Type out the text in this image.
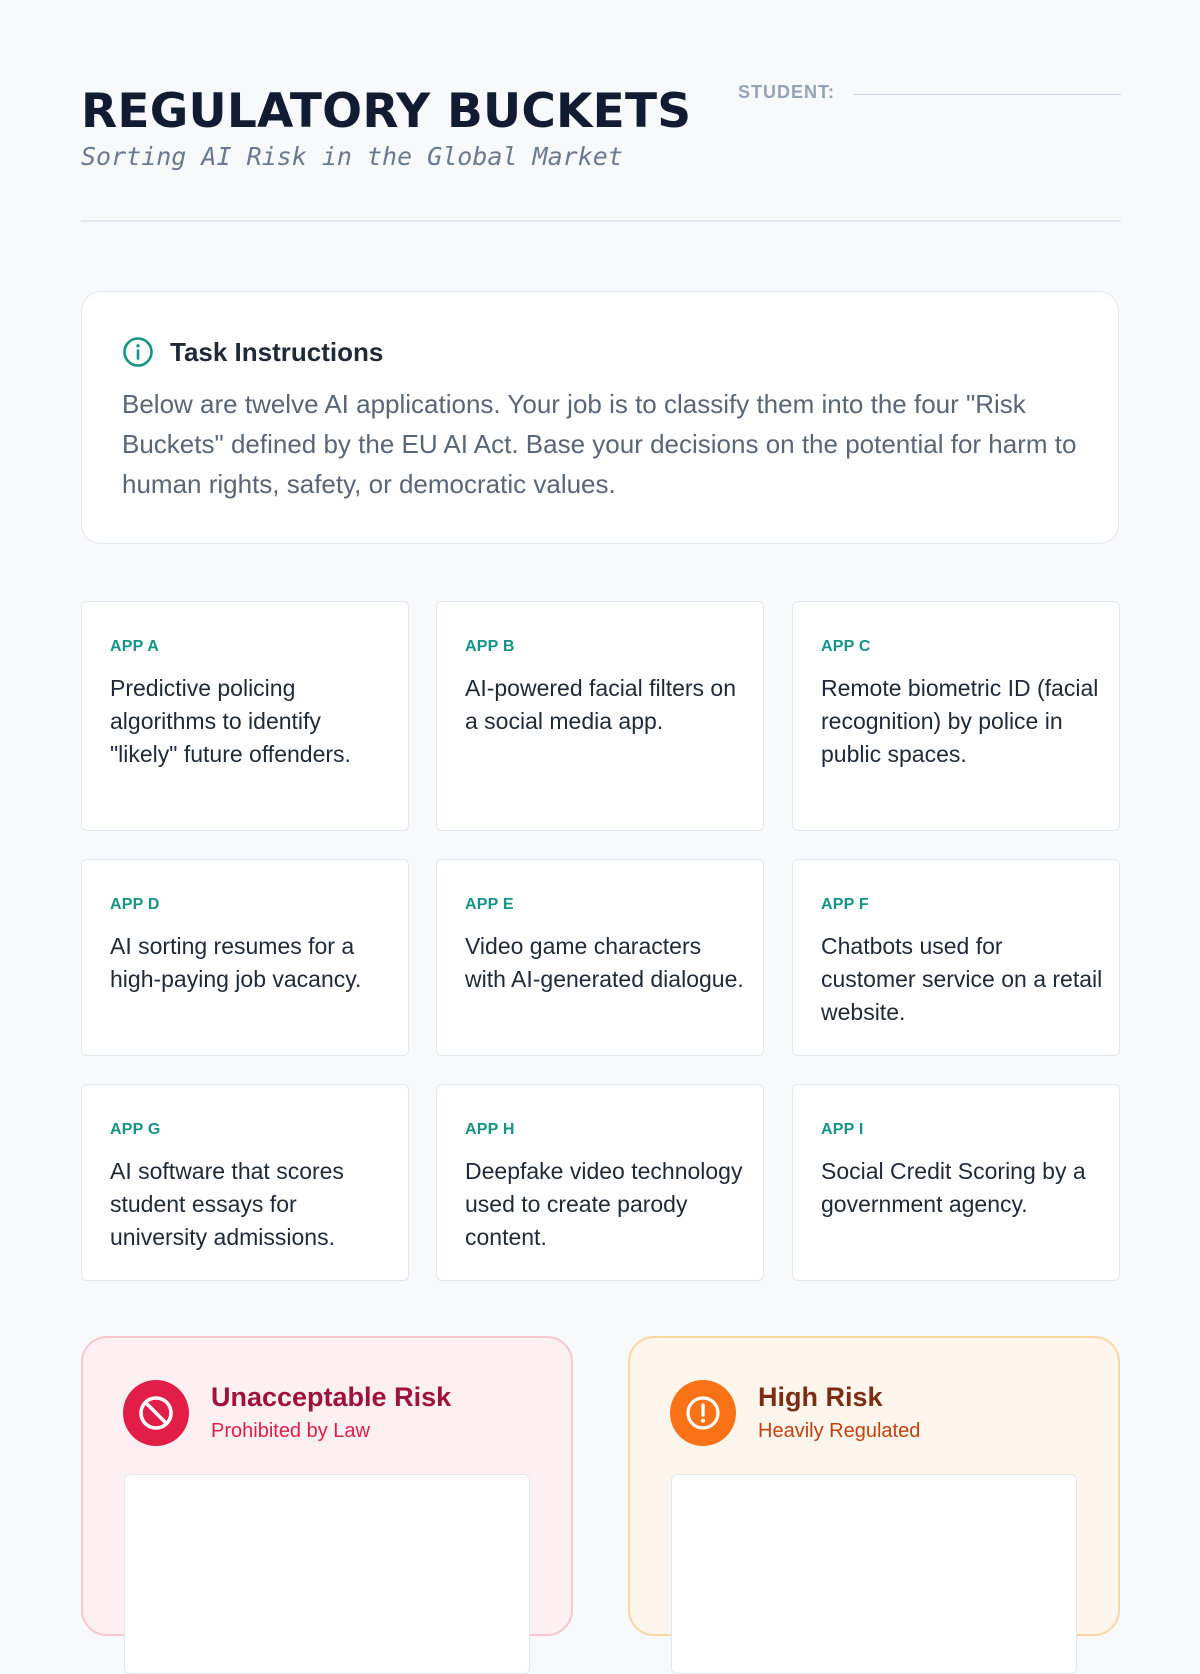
REGULATORY BUCKETS

Sorting AI Risk in the Global Market

STUDENT:
Task Instructions

Below are twelve AI applications. Your job is to classify them into the four "Risk Buckets" defined by the EU AI Act. Base your decisions on the potential for harm to human rights, safety, or democratic values.

APP A

Predictive policing algorithms to identify "likely" future offenders.

APP B

AI-powered facial filters on a social media app.

APP C

Remote biometric ID (facial recognition) by police in public spaces.

APP D

AI sorting resumes for a high-paying job vacancy.

APP E

Video game characters with AI-generated dialogue.

APP F

Chatbots used for customer service on a retail website.

APP G

AI software that scores student essays for university admissions.

APP H

Deepfake video technology used to create parody content.

APP I

Social Credit Scoring by a government agency.

Unacceptable Risk
Prohibited by Law
High Risk
Heavily Regulated
